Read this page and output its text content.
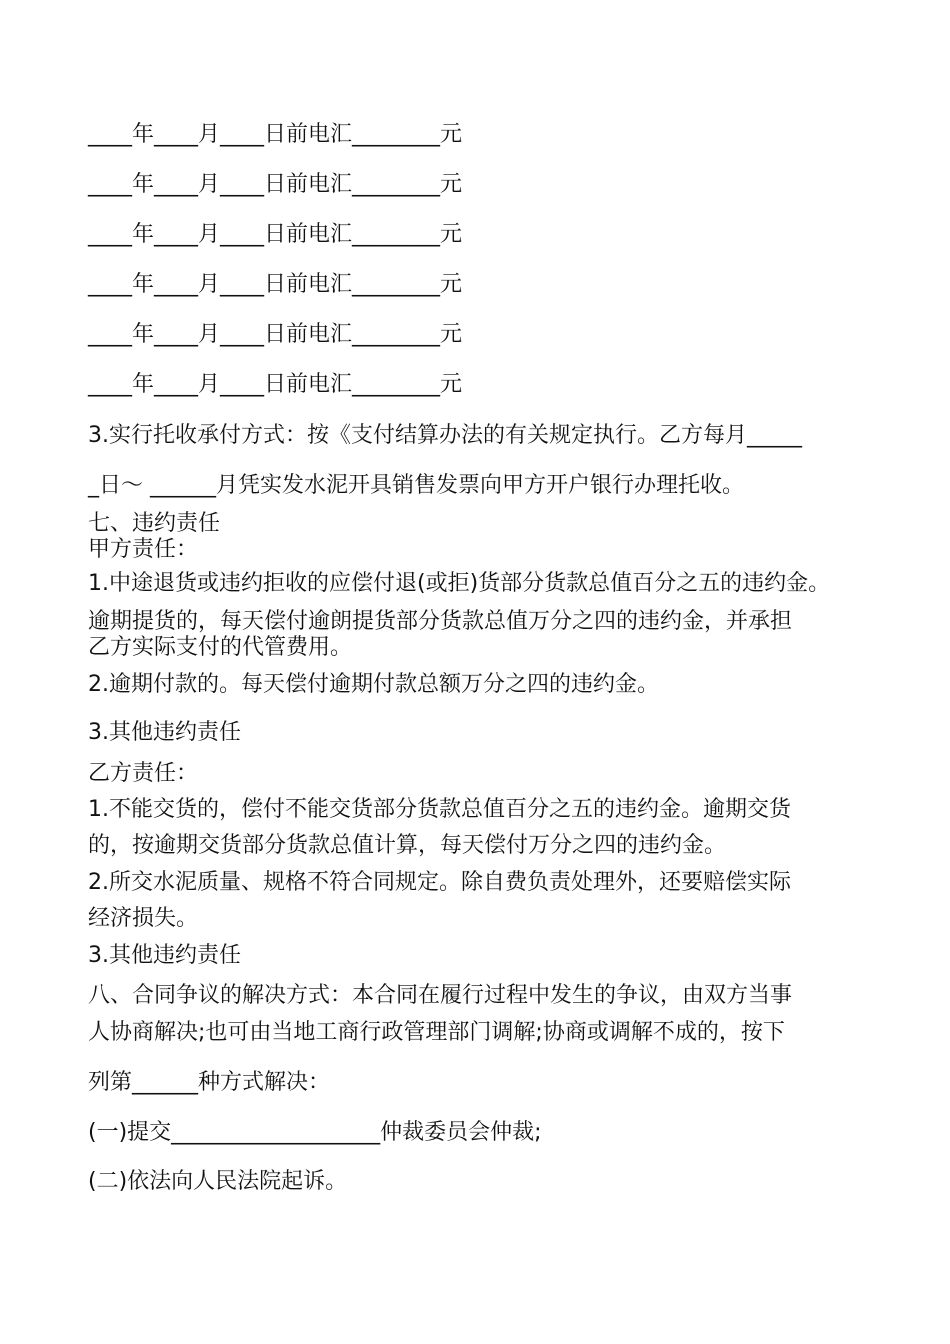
____年____月____日前电汇________元
____年____月____日前电汇________元
____年____月____日前电汇________元
____年____月____日前电汇________元
____年____月____日前电汇________元
____年____月____日前电汇________元
3.实行托收承付方式：按《支付结算办法的有关规定执行。乙方每月_____
_日～ ______月凭实发水泥开具销售发票向甲方开户银行办理托收。
七、违约责任
甲方责任：
1.中途退货或违约拒收的应偿付退(或拒)货部分货款总值百分之五的违约金。
逾期提货的，每天偿付逾朗提货部分货款总值万分之四的违约金，并承担
乙方实际支付的代管费用。
2.逾期付款的。每天偿付逾期付款总额万分之四的违约金。
3.其他违约责任
乙方责任：
1.不能交货的，偿付不能交货部分货款总值百分之五的违约金。逾期交货
的，按逾期交货部分货款总值计算，每天偿付万分之四的违约金。
2.所交水泥质量、规格不符合同规定。除自费负责处理外，还要赔偿实际
经济损失。
3.其他违约责任
八、合同争议的解决方式：本合同在履行过程中发生的争议，由双方当事
人协商解决;也可由当地工商行政管理部门调解;协商或调解不成的，按下
列第______种方式解决：
(一)提交___________________仲裁委员会仲裁;
(二)依法向人民法院起诉。
